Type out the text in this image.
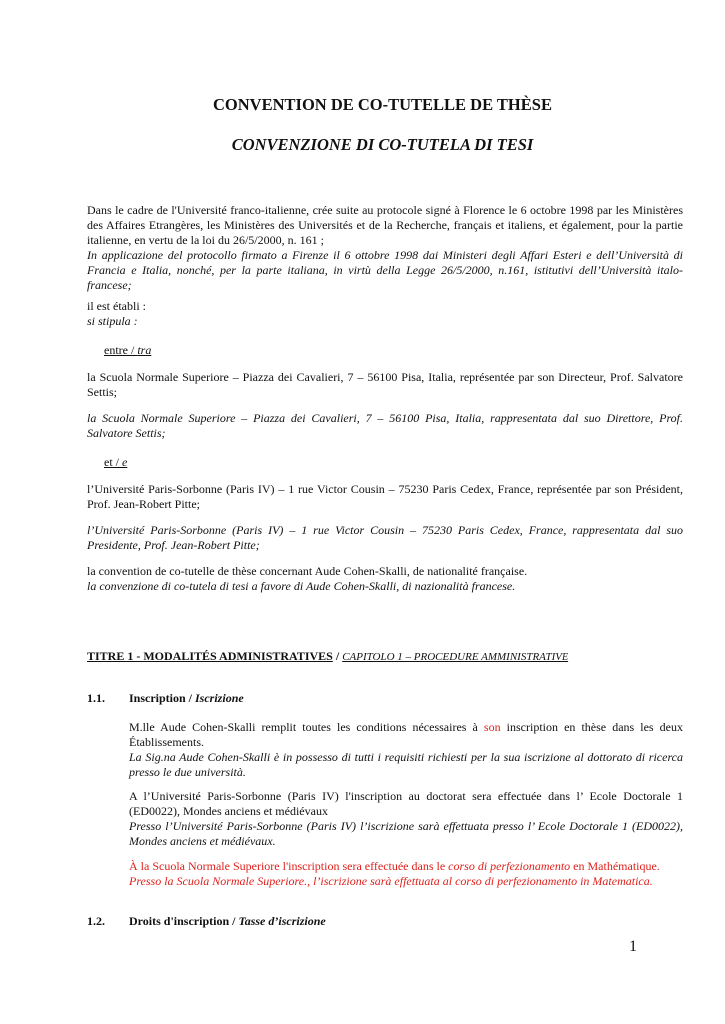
CONVENTION DE CO-TUTELLE DE THÈSE
CONVENZIONE DI CO-TUTELA DI TESI
Dans le cadre de l'Université franco-italienne, crée suite au protocole signé à Florence le 6 octobre 1998 par les Ministères des Affaires Etrangères, les Ministères des Universités et de la Recherche, français et italiens, et également, pour la partie italienne, en vertu de la loi du 26/5/2000, n. 161 ;
In applicazione del protocollo firmato a Firenze il 6 ottobre 1998 dai Ministeri degli Affari Esteri e dell’Università di Francia e Italia, nonché, per la parte italiana, in virtù della Legge 26/5/2000, n.161, istitutivi dell’Università italo-francese;
il est établi :
si stipula :
entre / tra
la Scuola Normale Superiore – Piazza dei Cavalieri, 7 – 56100 Pisa, Italia, représentée par son Directeur, Prof. Salvatore Settis;
la Scuola Normale Superiore – Piazza dei Cavalieri, 7 – 56100 Pisa, Italia, rappresentata dal suo Direttore, Prof. Salvatore Settis;
et / e
l’Université Paris-Sorbonne (Paris IV) – 1 rue Victor Cousin – 75230 Paris Cedex, France, représentée par son Président, Prof. Jean-Robert Pitte;
l’Université Paris-Sorbonne (Paris IV) – 1 rue Victor Cousin – 75230 Paris Cedex, France, rappresentata dal suo Presidente, Prof. Jean-Robert Pitte;
la convention de co-tutelle de thèse concernant Aude Cohen-Skalli, de nationalité française.
la convenzione di co-tutela di tesi a favore di Aude Cohen-Skalli, di nazionalità francese.
TITRE 1 - MODALITÉS ADMINISTRATIVES / CAPITOLO 1 – PROCEDURE AMMINISTRATIVE
1.1. Inscription / Iscrizione
M.lle Aude Cohen-Skalli remplit toutes les conditions nécessaires à son inscription en thèse dans les deux Établissements.
La Sig.na Aude Cohen-Skalli è in possesso di tutti i requisiti richiesti per la sua iscrizione al dottorato di ricerca presso le due università.
A l’Université Paris-Sorbonne (Paris IV) l'inscription au doctorat sera effectuée dans l’ Ecole Doctorale 1 (ED0022), Mondes anciens et médiévaux
Presso l’Université Paris-Sorbonne (Paris IV) l’iscrizione sarà effettuata presso l’ Ecole Doctorale 1 (ED0022), Mondes anciens et médiévaux.
À la Scuola Normale Superiore l'inscription sera effectuée dans le corso di perfezionamento en Mathématique.
Presso la Scuola Normale Superiore., l’iscrizione sarà effettuata al corso di perfezionamento in Matematica.
1.2. Droits d'inscription / Tasse d’iscrizione
1
